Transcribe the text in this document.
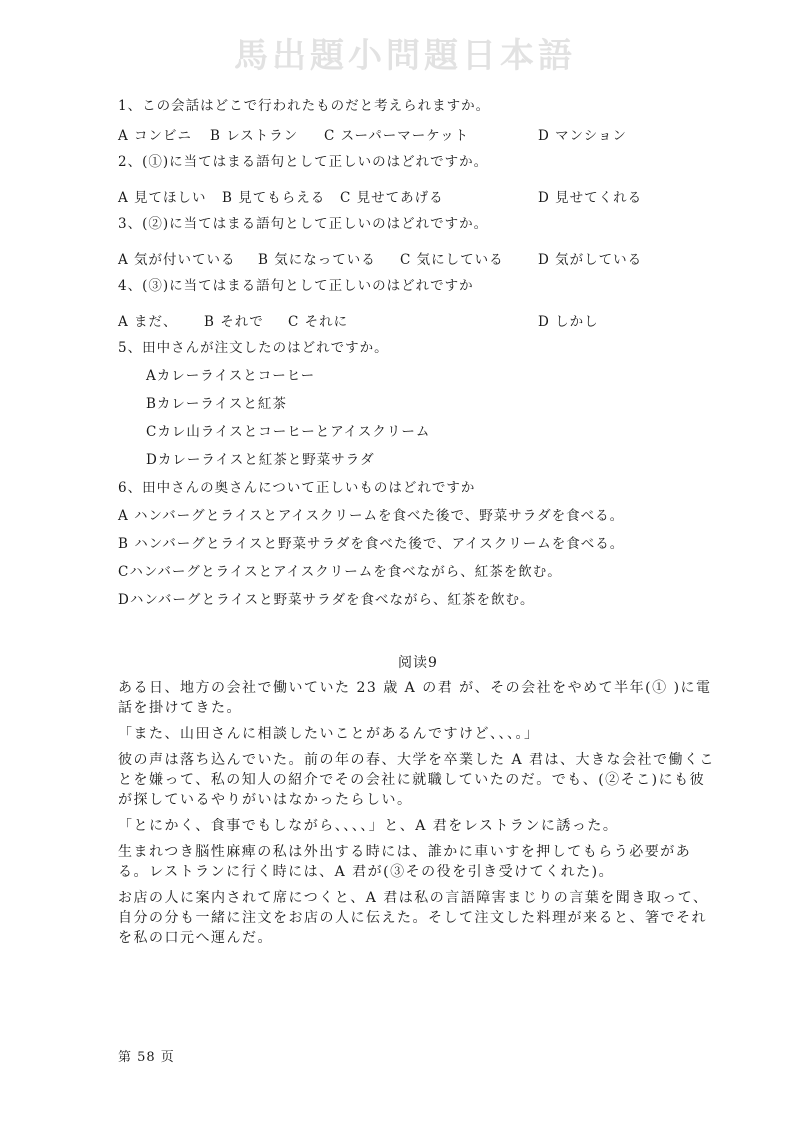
馬出題小問題日本語
1、この会話はどこで行われたものだと考えられますか。
A コンビニ B レストラン C スーパーマーケット	D マンション
2、(①)に当てはまる語句として正しいのはどれですか。
A 見てほしい B 見てもらえる C 見せてあげる	D 見せてくれる
3、(②)に当てはまる語句として正しいのはどれですか。
A 気が付いている B 気になっている C 気にしている	D 気がしている
4、(③)に当てはまる語句として正しいのはどれですか
A まだ、 B それで C それに	D しかし
5、田中さんが注文したのはどれですか。
Aカレーライスとコーヒー
Bカレーライスと紅茶
Cカレ山ライスとコーヒーとアイスクリーム
Dカレーライスと紅茶と野菜サラダ
6、田中さんの奥さんについて正しいものはどれですか
A ハンバーグとライスとアイスクリームを食べた後で、野菜サラダを食べる。
B ハンバーグとライスと野菜サラダを食べた後で、アイスクリームを食べる。
Cハンバーグとライスとアイスクリームを食べながら、紅茶を飲む。
Dハンバーグとライスと野菜サラダを食べながら、紅茶を飲む。
阅读9
ある日、地方の会社で働いていた 23 歳 A の君 が、その会社をやめて半年(① )に電話を掛けてきた。
「また、山田さんに相談したいことがあるんですけど、、、。」
彼の声は落ち込んでいた。前の年の春、大学を卒業した A 君は、大きな会社で働くことを嫌って、私の知人の紹介でその会社に就職していたのだ。でも、(②そこ)にも彼が探しているやりがいはなかったらしい。
「とにかく、食事でもしながら、、、、」と、A 君をレストランに誘った。
生まれつき脳性麻痺の私は外出する時には、誰かに車いすを押してもらう必要がある。レストランに行く時には、A 君が(③その役を引き受けてくれた)。
お店の人に案内されて席につくと、A 君は私の言語障害まじりの言葉を聞き取って、自分の分も一緒に注文をお店の人に伝えた。そして注文した料理が来ると、箸でそれを私の口元へ運んだ。
第 58 页
